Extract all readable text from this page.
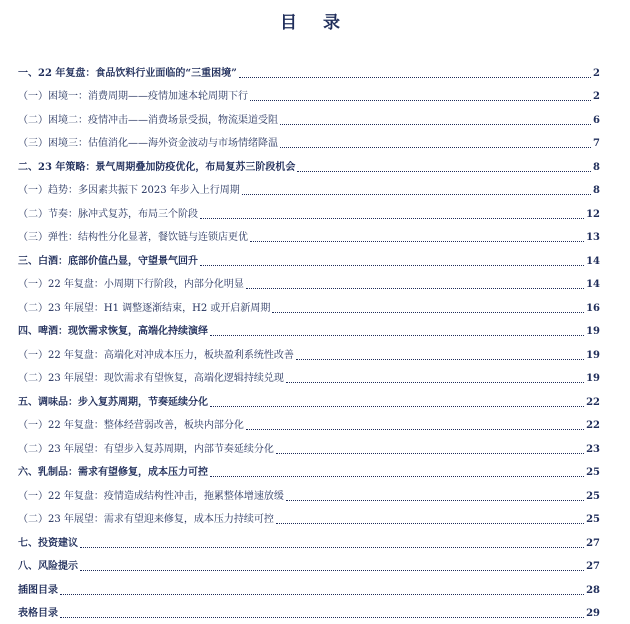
目 录
一、22 年复盘：食品饮料行业面临的“三重困境”	2
（一）困境一：消费周期——疫情加速本轮周期下行	2
（二）困境二：疫情冲击——消费场景受损，物流渠道受阻	6
（三）困境三：估值消化——海外资金波动与市场情绪降温	7
二、23 年策略：景气周期叠加防疫优化，布局复苏三阶段机会	8
（一）趋势：多因素共振下 2023 年步入上行周期	8
（二）节奏：脉冲式复苏，布局三个阶段	12
（三）弹性：结构性分化显著，餐饮链与连锁店更优	13
三、白酒：底部价值凸显，守望景气回升	14
（一）22 年复盘：小周期下行阶段，内部分化明显	14
（二）23 年展望：H1 调整逐渐结束，H2 或开启新周期	16
四、啤酒：现饮需求恢复，高端化持续演绎	19
（一）22 年复盘：高端化对冲成本压力，板块盈利系统性改善	19
（二）23 年展望：现饮需求有望恢复，高端化逻辑持续兑现	19
五、调味品：步入复苏周期，节奏延续分化	22
（一）22 年复盘：整体经营弱改善，板块内部分化	22
（二）23 年展望：有望步入复苏周期，内部节奏延续分化	23
六、乳制品：需求有望修复，成本压力可控	25
（一）22 年复盘：疫情造成结构性冲击，拖累整体增速放缓	25
（二）23 年展望：需求有望迎来修复，成本压力持续可控	25
七、投资建议	27
八、风险提示	27
插图目录	28
表格目录	29
